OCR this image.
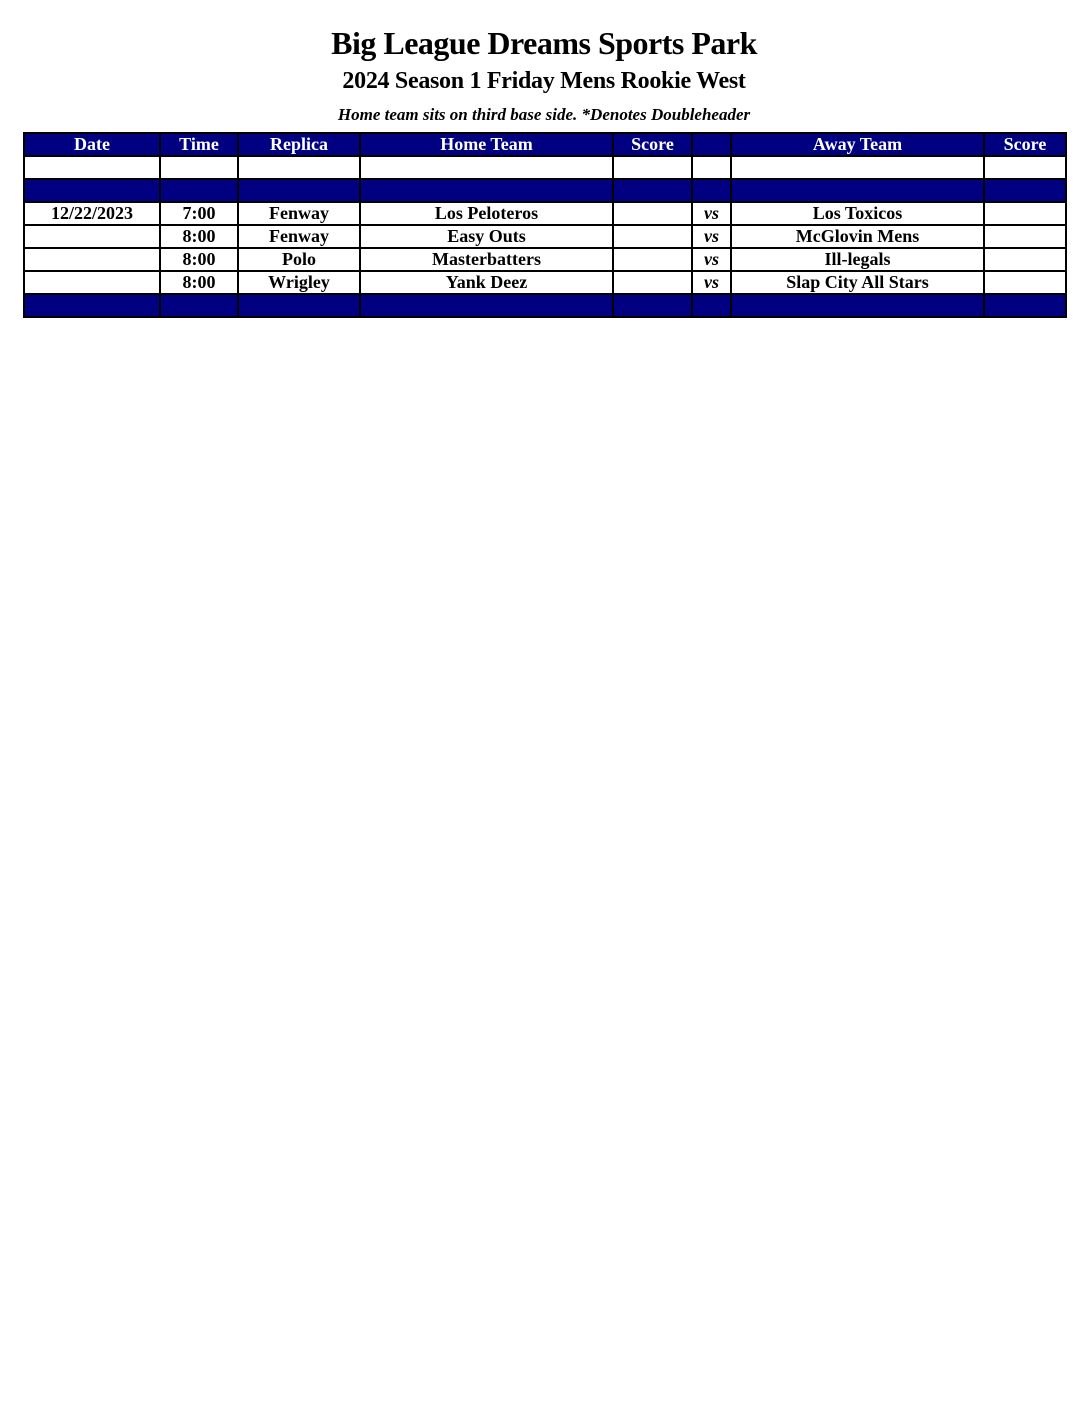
Big League Dreams Sports Park
2024 Season 1 Friday Mens Rookie West
Home team sits on third base side. *Denotes Doubleheader
Date	Time	Replica	Home Team	Score		Away Team	Score

12/22/2023	7:00	Fenway	Los Peloteros		vs	Los Toxicos	
	8:00	Fenway	Easy Outs		vs	McGlovin Mens	
	8:00	Polo	Masterbatters		vs	Ill-legals	
	8:00	Wrigley	Yank Deez		vs	Slap City All Stars	
